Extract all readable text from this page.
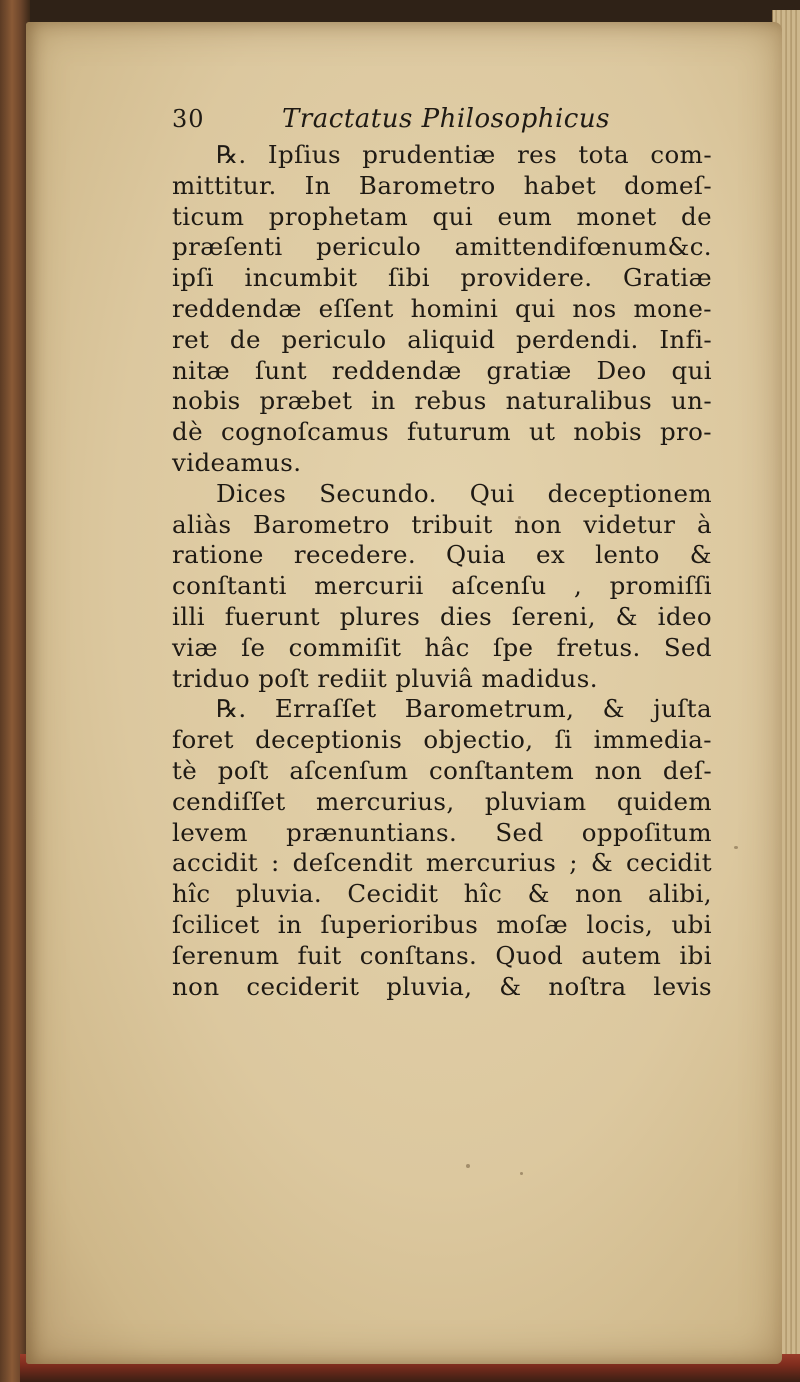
30	Tractatus Philosophicus
℞. Ipſius prudentiæ res tota com-
mittitur. In Barometro habet domeſ-
ticum prophetam qui eum monet de
præſenti periculo amittendifœnum&c.
ipſi incumbit ſibi providere. Gratiæ
reddendæ eſſent homini qui nos mone-
ret de periculo aliquid perdendi. Infi-
nitæ ſunt reddendæ gratiæ Deo qui
nobis præbet in rebus naturalibus un-
dè cognoſcamus futurum ut nobis pro-
videamus.
Dices Secundo. Qui deceptionem
aliàs Barometro tribuit non videtur à
ratione recedere. Quia ex lento &
conſtanti mercurii aſcenſu , promiſſi
illi fuerunt plures dies ſereni, & ideo
viæ ſe commiſit hâc ſpe fretus. Sed
triduo poſt rediit pluviâ madidus.
℞. Erraſſet Barometrum, & juſta
foret deceptionis objectio, ſi immedia-
tè poſt aſcenſum conſtantem non deſ-
cendiſſet mercurius, pluviam quidem
levem prænuntians. Sed oppoſitum
accidit : deſcendit mercurius ; & cecidit
hîc pluvia. Cecidit hîc & non alibi,
ſcilicet in ſuperioribus moſæ locis, ubi
ſerenum fuit conſtans. Quod autem ibi
non ceciderit pluvia, & noſtra levis
